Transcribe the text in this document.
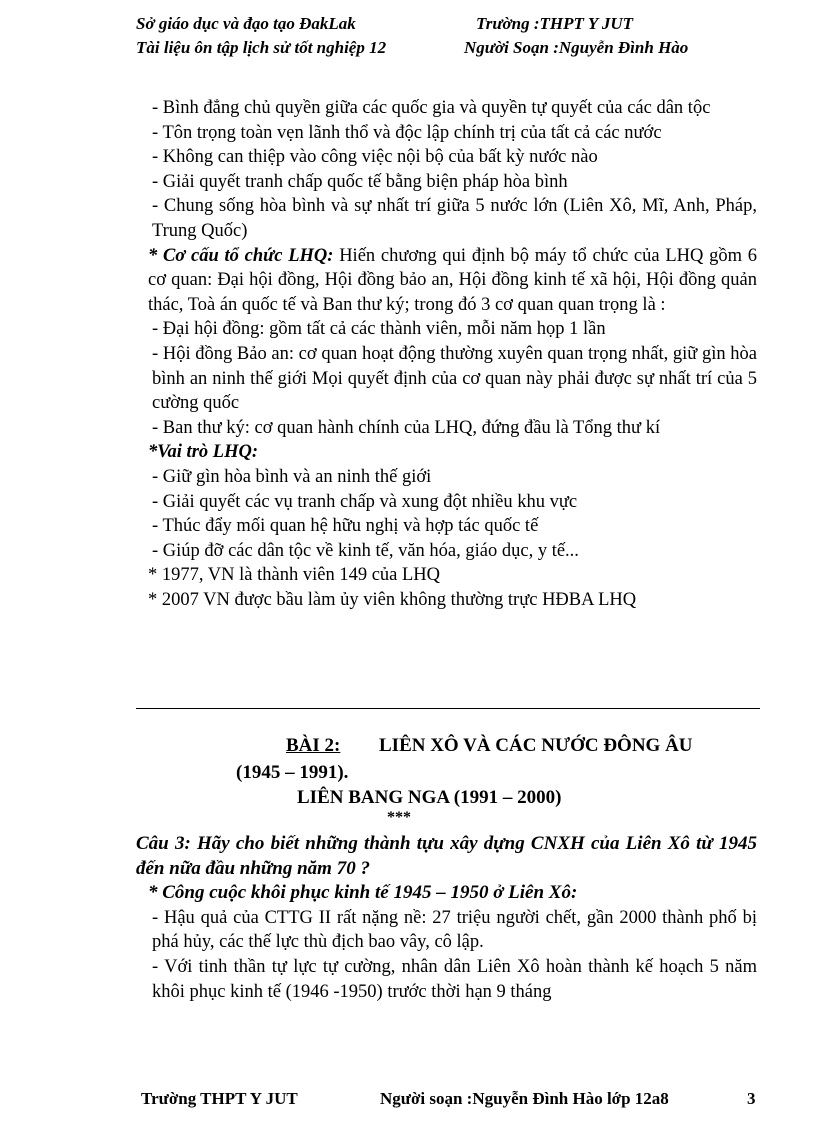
Sở giáo dục và đạo tạo ĐakLak	Trường :THPT Y JUT
Tài liệu ôn tập lịch sử tốt nghiệp 12	Người Soạn :Nguyễn Đình Hào
- Bình đẳng chủ quyền giữa các quốc gia và quyền tự quyết của các dân tộc
- Tôn trọng toàn vẹn lãnh thổ và độc lập chính trị của tất cả các nước
- Không can thiệp vào công việc nội bộ của bất kỳ nước nào
- Giải quyết tranh chấp quốc tế bằng biện pháp hòa bình
- Chung sống hòa bình và sự nhất trí giữa 5 nước lớn (Liên Xô, Mĩ, Anh, Pháp, Trung Quốc)
* Cơ cấu tổ chức LHQ: Hiến chương qui định bộ máy tổ chức của LHQ gồm 6 cơ quan: Đại hội đồng, Hội đồng bảo an, Hội đồng kinh tế xã hội, Hội đồng quản thác, Toà án quốc tế và Ban thư ký; trong đó 3 cơ quan quan trọng là :
- Đại hội đồng: gồm tất cả các thành viên, mỗi năm họp 1 lần
- Hội đồng Bảo an: cơ quan hoạt động thường xuyên quan trọng nhất, giữ gìn hòa bình an ninh thế giới Mọi quyết định của cơ quan này phải được sự nhất trí của 5 cường quốc
- Ban thư ký: cơ quan hành chính của LHQ, đứng đầu là Tổng thư kí
*Vai trò LHQ:
- Giữ gìn hòa bình và an ninh thế giới
- Giải quyết các vụ tranh chấp và xung đột nhiều khu vực
- Thúc đẩy mối quan hệ hữu nghị và hợp tác quốc tế
- Giúp đỡ các dân tộc về kinh tế, văn hóa, giáo dục, y tế...
* 1977, VN là thành viên 149 của LHQ
* 2007 VN được bầu làm ủy viên không thường trực HĐBA LHQ
BÀI 2: LIÊN XÔ VÀ CÁC NƯỚC ĐÔNG ÂU
(1945 – 1991).
LIÊN BANG NGA (1991 – 2000)
***
Câu 3: Hãy cho biết những thành tựu xây dựng CNXH của Liên Xô từ 1945 đến nữa đầu những năm 70 ?
* Công cuộc khôi phục kinh tế 1945 – 1950 ở Liên Xô:
- Hậu quả của CTTG II rất nặng nề: 27 triệu người chết, gần 2000 thành phố bị phá hủy, các thế lực thù địch bao vây, cô lập.
- Với tinh thần tự lực tự cường, nhân dân Liên Xô hoàn thành kế hoạch 5 năm khôi phục kinh tế (1946 -1950) trước thời hạn 9 tháng
Trường THPT Y JUT	Người soạn :Nguyễn Đình Hào lớp 12a8	3
